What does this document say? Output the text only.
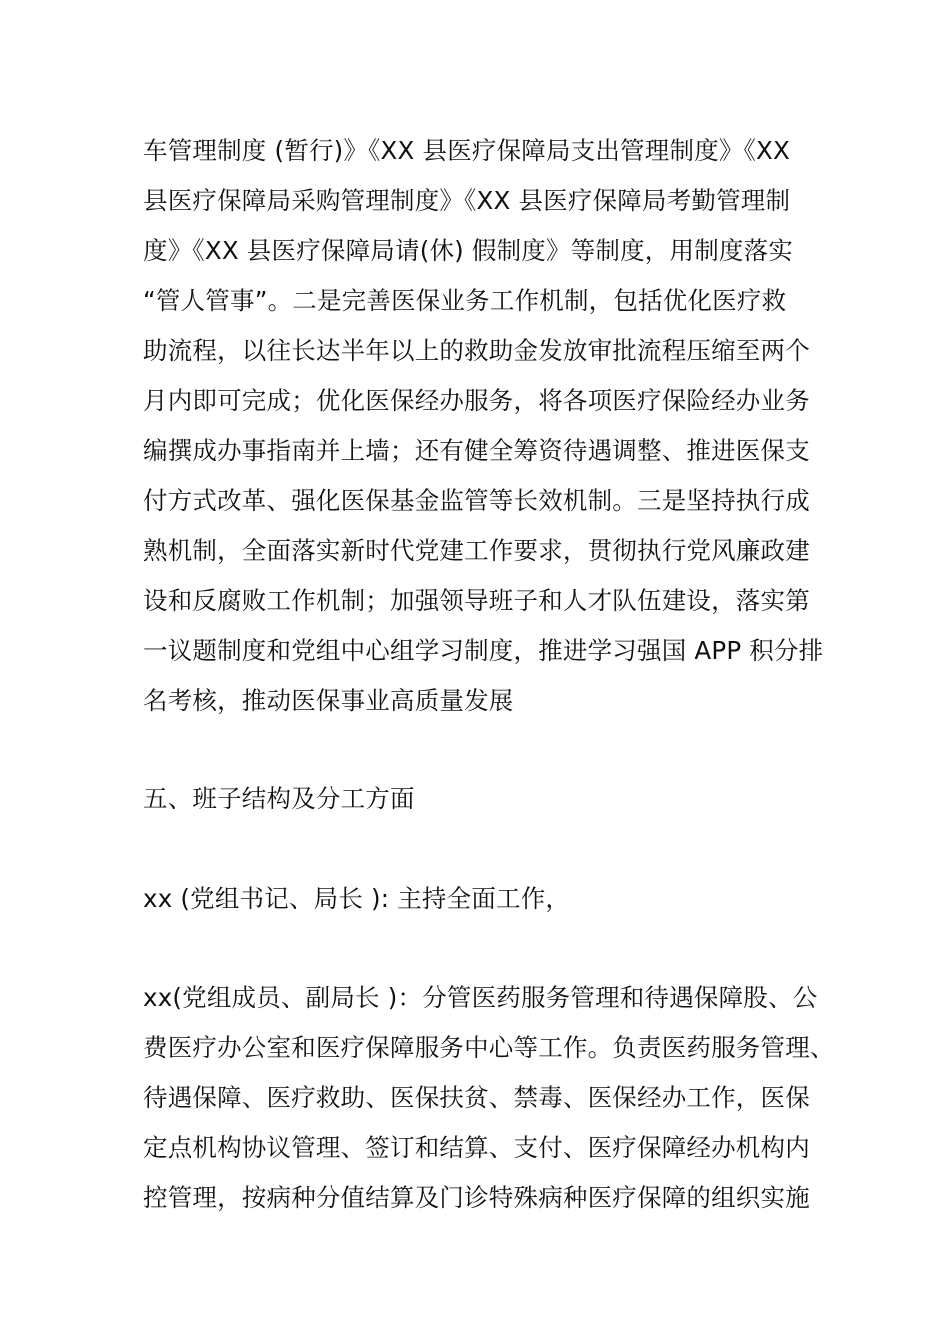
车管理制度 (暂行)》《XX 县医疗保障局支出管理制度》《XX
县医疗保障局采购管理制度》《XX 县医疗保障局考勤管理制
度》《XX 县医疗保障局请(休) 假制度》等制度，用制度落实
“管人管事”。二是完善医保业务工作机制，包括优化医疗救
助流程，以往长达半年以上的救助金发放审批流程压缩至两个
月内即可完成；优化医保经办服务，将各项医疗保险经办业务
编撰成办事指南并上墙；还有健全筹资待遇调整、推进医保支
付方式改革、强化医保基金监管等长效机制。三是坚持执行成
熟机制，全面落实新时代党建工作要求，贯彻执行党风廉政建
设和反腐败工作机制；加强领导班子和人才队伍建设，落实第
一议题制度和党组中心组学习制度，推进学习强国 APP 积分排
名考核，推动医保事业高质量发展
五、班子结构及分工方面
xx (党组书记、局长 ): 主持全面工作，
xx(党组成员、副局长 )：分管医药服务管理和待遇保障股、公
费医疗办公室和医疗保障服务中心等工作。负责医药服务管理、
待遇保障、医疗救助、医保扶贫、禁毒、医保经办工作，医保
定点机构协议管理、签订和结算、支付、医疗保障经办机构内
控管理，按病种分值结算及门诊特殊病种医疗保障的组织实施
